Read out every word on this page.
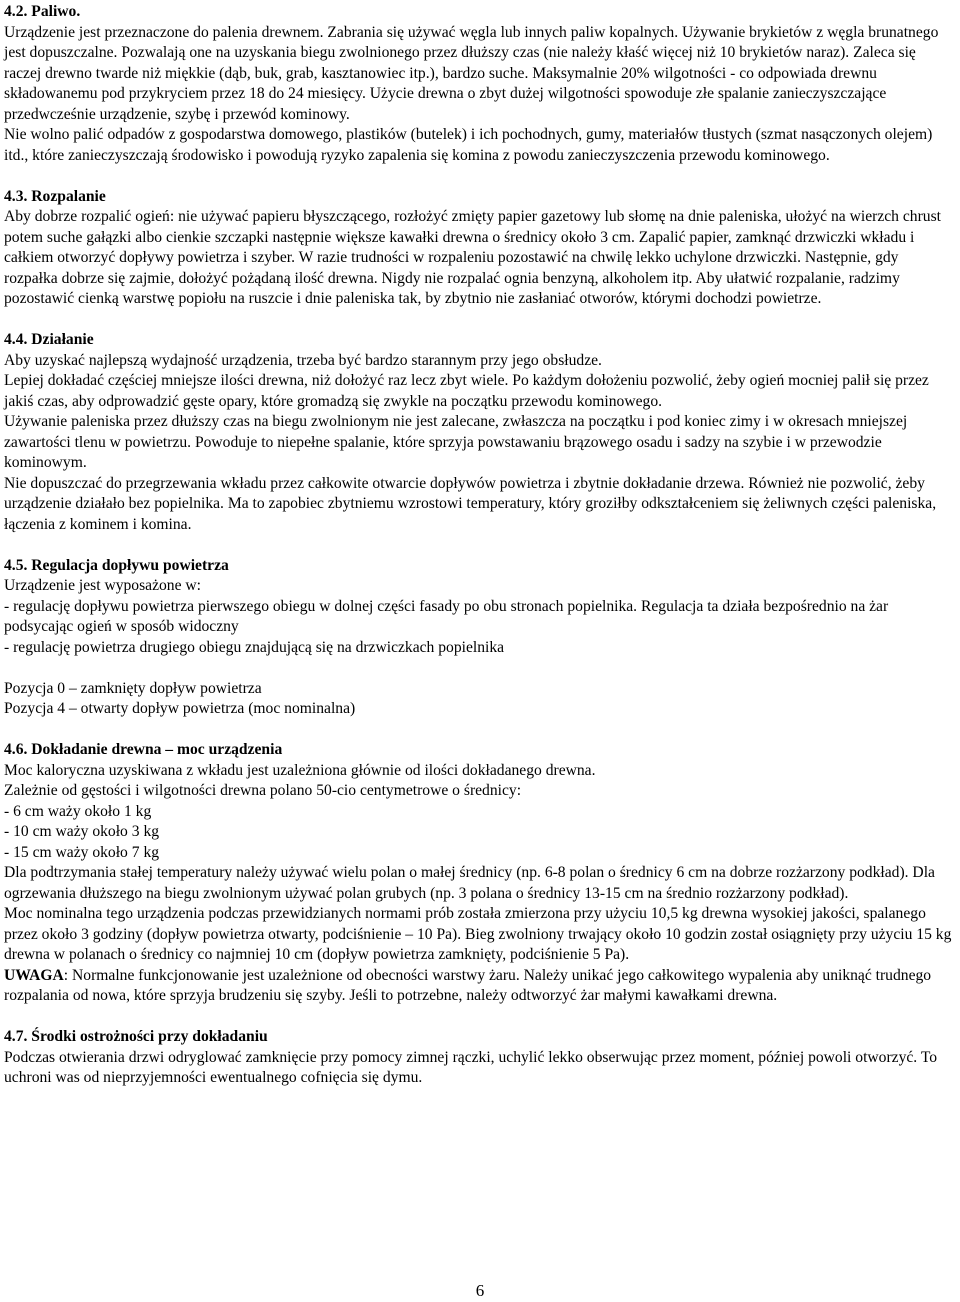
4.2. Paliwo.

Urządzenie jest przeznaczone do palenia drewnem. Zabrania się używać węgla lub innych paliw kopalnych. Używanie brykietów z węgla brunatnego jest dopuszczalne. Pozwalają one na uzyskania biegu zwolnionego przez dłuższy czas (nie należy kłaść więcej niż 10 brykietów naraz). Zaleca się raczej drewno twarde niż miękkie (dąb, buk, grab, kasztanowiec itp.), bardzo suche. Maksymalnie 20% wilgotności - co odpowiada drewnu składowanemu pod przykryciem przez 18 do 24 miesięcy. Użycie drewna o zbyt dużej wilgotności spowoduje złe spalanie zanieczyszczające przedwcześnie urządzenie, szybę i przewód kominowy.

Nie wolno palić odpadów z gospodarstwa domowego, plastików (butelek) i ich pochodnych, gumy, materiałów tłustych (szmat nasączonych olejem) itd., które zanieczyszczają środowisko i powodują ryzyko zapalenia się komina z powodu zanieczyszczenia przewodu kominowego.

4.3. Rozpalanie

Aby dobrze rozpalić ogień: nie używać papieru błyszczącego, rozłożyć zmięty papier gazetowy lub słomę na dnie paleniska, ułożyć na wierzch chrust potem suche gałązki albo cienkie szczapki następnie większe kawałki drewna o średnicy około 3 cm. Zapalić papier, zamknąć drzwiczki wkładu i całkiem otworzyć dopływy powietrza i szyber. W razie trudności w rozpaleniu pozostawić na chwilę lekko uchylone drzwiczki. Następnie, gdy rozpałka dobrze się zajmie, dołożyć pożądaną ilość drewna. Nigdy nie rozpalać ognia benzyną, alkoholem itp. Aby ułatwić rozpalanie, radzimy pozostawić cienką warstwę popiołu na ruszcie i dnie paleniska tak, by zbytnio nie zasłaniać otworów, którymi dochodzi powietrze.

4.4. Działanie

Aby uzyskać najlepszą wydajność urządzenia, trzeba być bardzo starannym przy jego obsłudze.

Lepiej dokładać częściej mniejsze ilości drewna, niż dołożyć raz lecz zbyt wiele. Po każdym dołożeniu pozwolić, żeby ogień mocniej palił się przez jakiś czas, aby odprowadzić gęste opary, które gromadzą się zwykle na początku przewodu kominowego.

Używanie paleniska przez dłuższy czas na biegu zwolnionym nie jest zalecane, zwłaszcza na początku i pod koniec zimy i w okresach mniejszej zawartości tlenu w powietrzu. Powoduje to niepełne spalanie, które sprzyja powstawaniu brązowego osadu i sadzy na szybie i w przewodzie kominowym.

Nie dopuszczać do przegrzewania wkładu przez całkowite otwarcie dopływów powietrza i zbytnie dokładanie drzewa. Również nie pozwolić, żeby urządzenie działało bez popielnika. Ma to zapobiec zbytniemu wzrostowi temperatury, który groziłby odkształceniem się żeliwnych części paleniska, łączenia z kominem i komina.

4.5. Regulacja dopływu powietrza

Urządzenie jest wyposażone w:

- regulację dopływu powietrza pierwszego obiegu w dolnej części fasady po obu stronach popielnika. Regulacja ta działa bezpośrednio na żar podsycając ogień w sposób widoczny

- regulację powietrza drugiego obiegu znajdującą się na drzwiczkach popielnika

Pozycja 0 – zamknięty dopływ powietrza

Pozycja 4 – otwarty dopływ powietrza (moc nominalna)

4.6. Dokładanie drewna – moc urządzenia

Moc kaloryczna uzyskiwana z wkładu jest uzależniona głównie od ilości dokładanego drewna.

Zależnie od gęstości i wilgotności drewna polano 50-cio centymetrowe o średnicy:

- 6 cm waży około 1 kg

- 10 cm waży około 3 kg

- 15 cm waży około 7 kg

Dla podtrzymania stałej temperatury należy używać wielu polan o małej średnicy (np. 6-8 polan o średnicy 6 cm na dobrze rozżarzony podkład). Dla ogrzewania dłuższego na biegu zwolnionym używać polan grubych (np. 3 polana o średnicy 13-15 cm na średnio rozżarzony podkład).

Moc nominalna tego urządzenia podczas przewidzianych normami prób została zmierzona przy użyciu 10,5 kg drewna wysokiej jakości, spalanego przez około 3 godziny (dopływ powietrza otwarty, podciśnienie – 10 Pa). Bieg zwolniony trwający około 10 godzin został osiągnięty przy użyciu 15 kg drewna w polanach o średnicy co najmniej 10 cm (dopływ powietrza zamknięty, podciśnienie 5 Pa).

UWAGA: Normalne funkcjonowanie jest uzależnione od obecności warstwy żaru. Należy unikać jego całkowitego wypalenia aby uniknąć trudnego rozpalania od nowa, które sprzyja brudzeniu się szyby. Jeśli to potrzebne, należy odtworzyć żar małymi kawałkami drewna.

4.7. Środki ostrożności przy dokładaniu

Podczas otwierania drzwi odryglować zamknięcie przy pomocy zimnej rączki, uchylić lekko obserwując przez moment, później powoli otworzyć. To uchroni was od nieprzyjemności ewentualnego cofnięcia się dymu.

6
